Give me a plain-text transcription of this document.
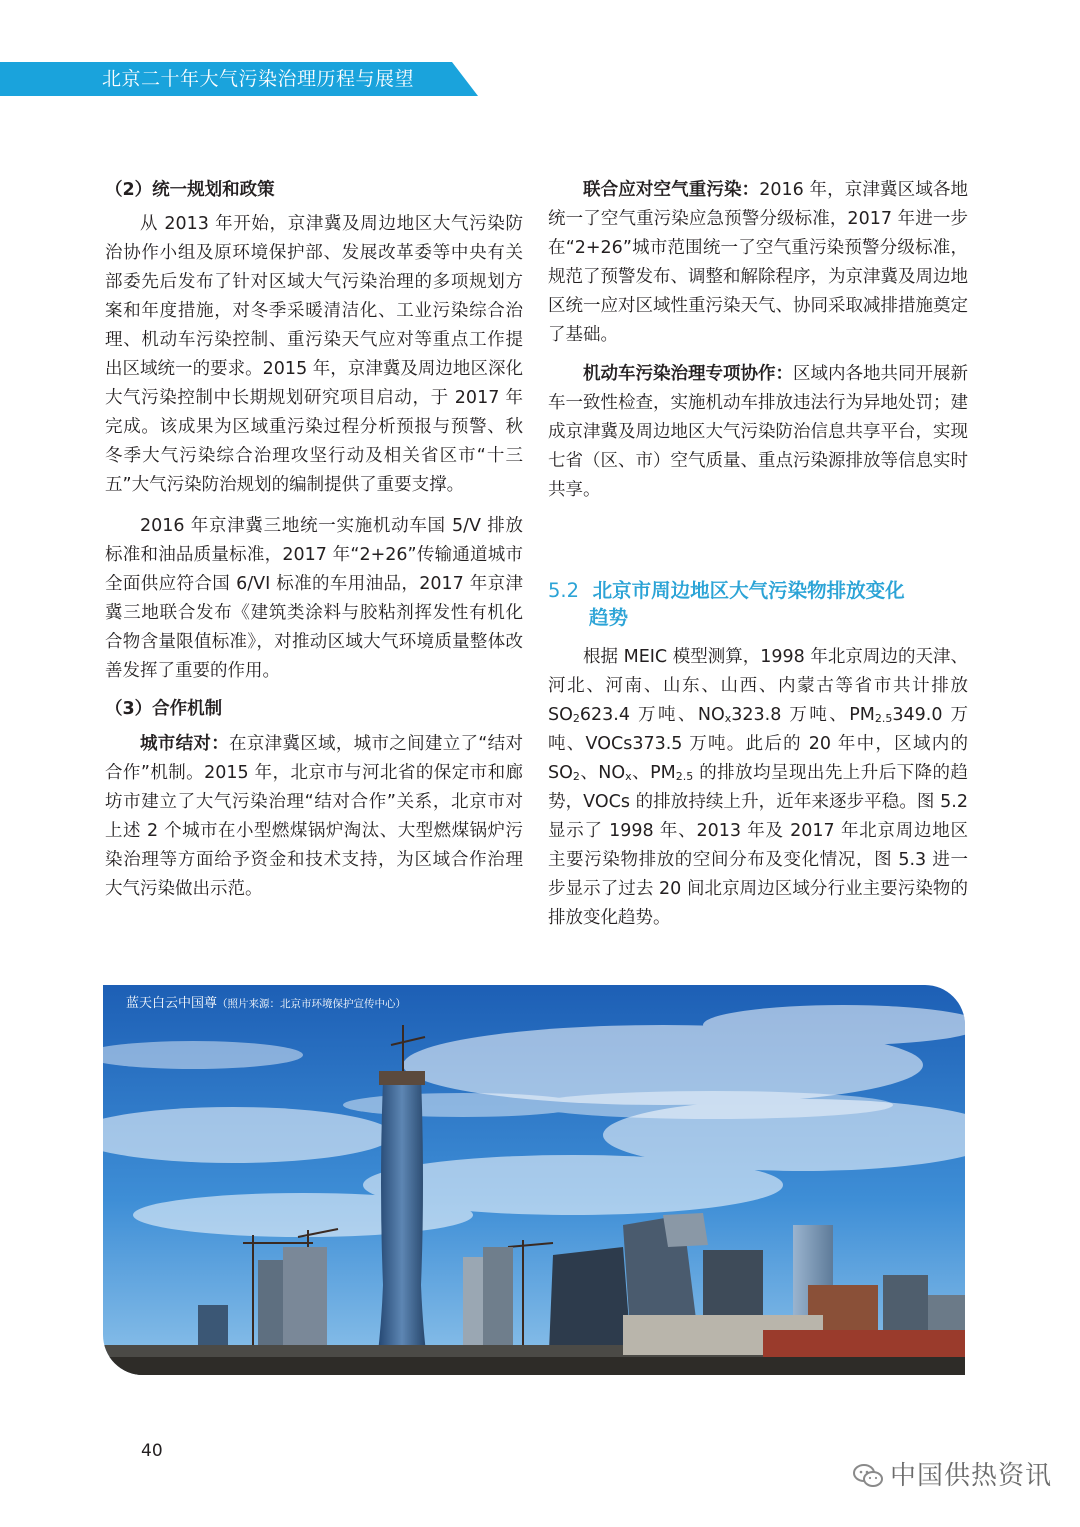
北京二十年大气污染治理历程与展望

（2）统一规划和政策

从 2013 年开始，京津冀及周边地区大气污染防治协作小组及原环境保护部、发展改革委等中央有关部委先后发布了针对区域大气污染治理的多项规划方案和年度措施，对冬季采暖清洁化、工业污染综合治理、机动车污染控制、重污染天气应对等重点工作提出区域统一的要求。2015 年，京津冀及周边地区深化大气污染控制中长期规划研究项目启动，于 2017 年完成。该成果为区域重污染过程分析预报与预警、秋冬季大气污染综合治理攻坚行动及相关省区市“十三五”大气污染防治规划的编制提供了重要支撑。

2016 年京津冀三地统一实施机动车国 5/V 排放标准和油品质量标准，2017 年“2+26”传输通道城市全面供应符合国 6/VI 标准的车用油品，2017 年京津冀三地联合发布《建筑类涂料与胶粘剂挥发性有机化合物含量限值标准》，对推动区域大气环境质量整体改善发挥了重要的作用。

（3）合作机制

城市结对：在京津冀区域，城市之间建立了“结对合作”机制。2015 年，北京市与河北省的保定市和廊坊市建立了大气污染治理“结对合作”关系，北京市对上述 2 个城市在小型燃煤锅炉淘汰、大型燃煤锅炉污染治理等方面给予资金和技术支持，为区域合作治理大气污染做出示范。

联合应对空气重污染：2016 年，京津冀区域各地统一了空气重污染应急预警分级标准，2017 年进一步在“2+26”城市范围统一了空气重污染预警分级标准，规范了预警发布、调整和解除程序，为京津冀及周边地区统一应对区域性重污染天气、协同采取减排措施奠定了基础。

机动车污染治理专项协作：区域内各地共同开展新车一致性检查，实施机动车排放违法行为异地处罚；建成京津冀及周边地区大气污染防治信息共享平台，实现七省（区、市）空气质量、重点污染源排放等信息实时共享。

5.2 北京市周边地区大气污染物排放变化

趋势

根据 MEIC 模型测算，1998 年北京周边的天津、河北、河南、山东、山西、内蒙古等省市共计排放 $SO_2623.4$ 万吨、$NO_x323.8$ 万吨、$PM_{2.5}349.0$ 万吨、VOCs373.5 万吨。此后的 20 年中，区域内的 $SO_2$、$NO_x$、$PM_{2.5}$ 的排放均呈现出先上升后下降的趋势，VOCs 的排放持续上升，近年来逐步平稳。图 5.2 显示了 1998 年、2013 年及 2017 年北京周边地区主要污染物排放的空间分布及变化情况，图 5.3 进一步显示了过去 20 间北京周边区域分行业主要污染物的排放变化趋势。

蓝天白云中国尊（照片来源：北京市环境保护宣传中心）
40
中国供热资讯
